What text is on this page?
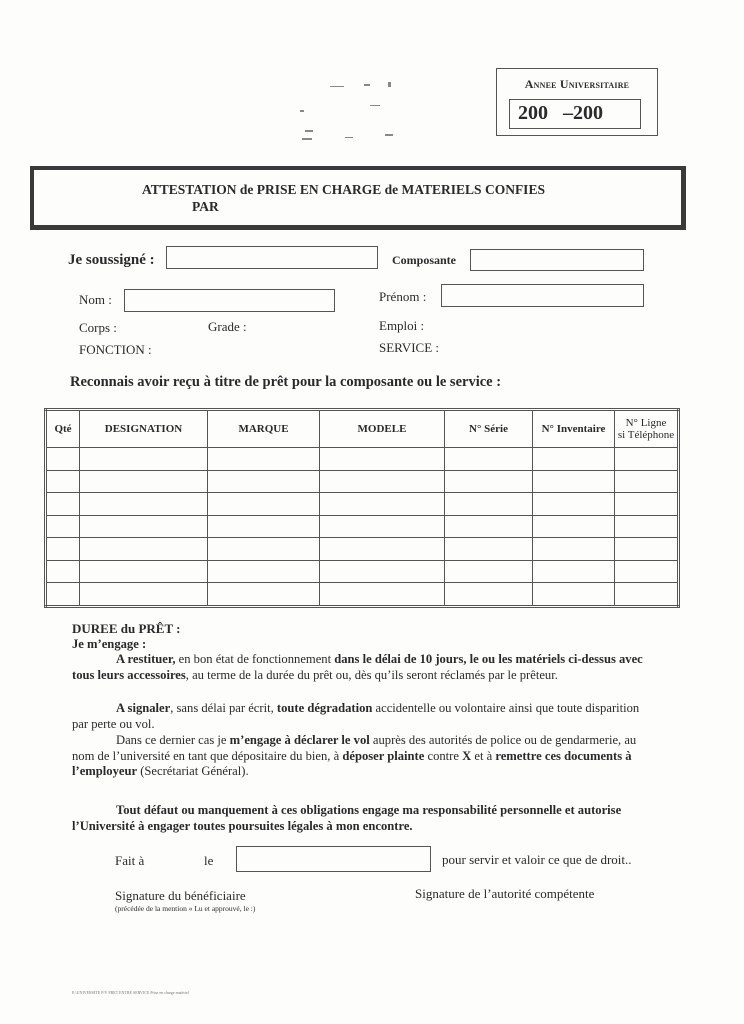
Annee Universitaire
200   –200
ATTESTATION de PRISE EN CHARGE de MATERIELS CONFIES
PAR
Je soussigné :	Composante
Nom :	Prénom :
Corps :	Grade :	Emploi :
FONCTION :	SERVICE :
Reconnais avoir reçu à titre de prêt pour la composante ou le service :
Qté	DESIGNATION	MARQUE	MODELE	N° Série	N° Inventaire	N° Ligne
si Téléphone

DUREE du PRÊT :
Je m’engage :
A restituer, en bon état de fonctionnement dans le délai de 10 jours, le ou les matériels ci-dessus avec tous leurs accessoires, au terme de la durée du prêt ou, dès qu’ils seront réclamés par le prêteur.
A signaler, sans délai par écrit, toute dégradation accidentelle ou volontaire ainsi que toute disparition par perte ou vol.
Dans ce dernier cas je m’engage à déclarer le vol auprès des autorités de police ou de gendarmerie, au nom de l’université en tant que dépositaire du bien, à déposer plainte contre X et à remettre ces documents à l’employeur (Secrétariat Général).
Tout défaut ou manquement à ces obligations engage ma responsabilité personnelle et autorise l’Université à engager toutes poursuites légales à mon encontre.
Fait à	le	pour servir et valoir ce que de droit..
Signature du bénéficiaire
(précédée de la mention « Lu et approuvé, le :)
Signature de l’autorité compétente
E:\UNIVERSITE P/V PRET ENTRE SERVICE Prise en charge matériel
